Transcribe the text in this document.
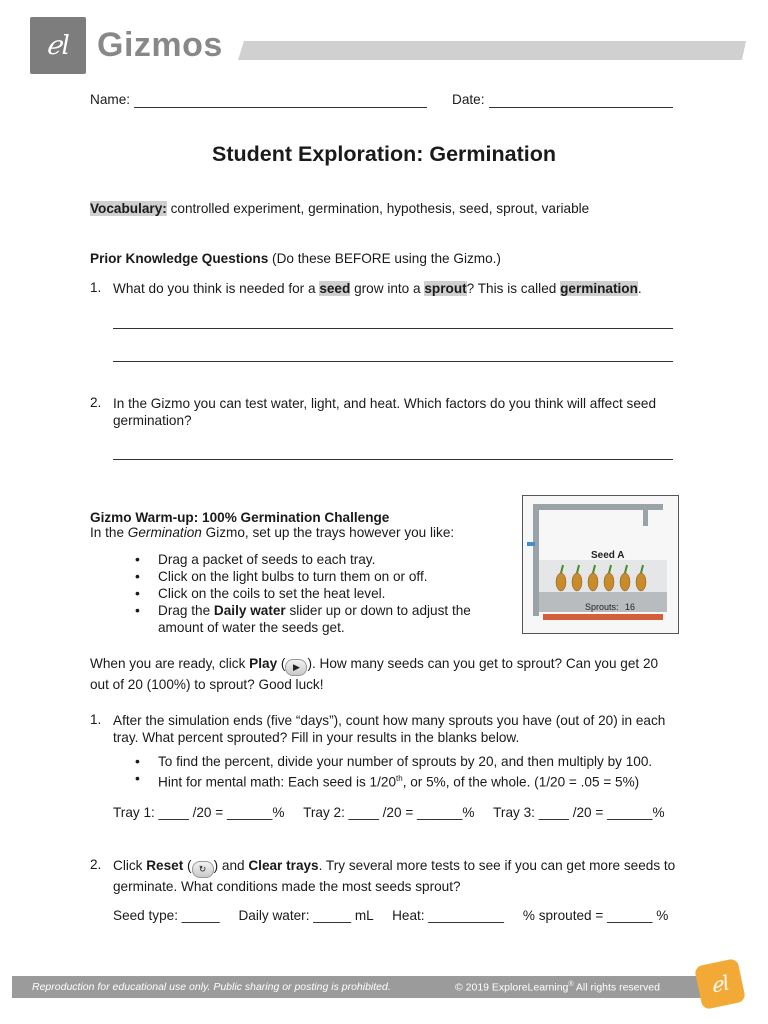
ℯl Gizmos
Name:	Date:
Student Exploration: Germination
Vocabulary: controlled experiment, germination, hypothesis, seed, sprout, variable
Prior Knowledge Questions (Do these BEFORE using the Gizmo.)
1. What do you think is needed for a seed grow into a sprout? This is called germination.
2. In the Gizmo you can test water, light, and heat. Which factors do you think will affect seed germination?
Gizmo Warm-up: 100% Germination Challenge
In the Germination Gizmo, set up the trays however you like:
• Drag a packet of seeds to each tray.
• Click on the light bulbs to turn them on or off.
• Click on the coils to set the heat level.
• Drag the Daily water slider up or down to adjust the amount of water the seeds get.
Seed A
Sprouts: 16
When you are ready, click Play ( ▶ ). How many seeds can you get to sprout? Can you get 20 out of 20 (100%) to sprout? Good luck!
1. After the simulation ends (five “days”), count how many sprouts you have (out of 20) in each tray. What percent sprouted? Fill in your results in the blanks below.
• To find the percent, divide your number of sprouts by 20, and then multiply by 100.
• Hint for mental math: Each seed is 1/20th, or 5%, of the whole. (1/20 = .05 = 5%)
Tray 1: ____ /20 = ______%     Tray 2: ____ /20 = ______%     Tray 3: ____ /20 = ______%
2. Click Reset ( ↻ ) and Clear trays. Try several more tests to see if you can get more seeds to germinate. What conditions made the most seeds sprout?
Seed type: _____     Daily water: _____ mL     Heat: __________     % sprouted = ______ %
Reproduction for educational use only. Public sharing or posting is prohibited.	© 2019 ExploreLearning® All rights reserved ℯl
